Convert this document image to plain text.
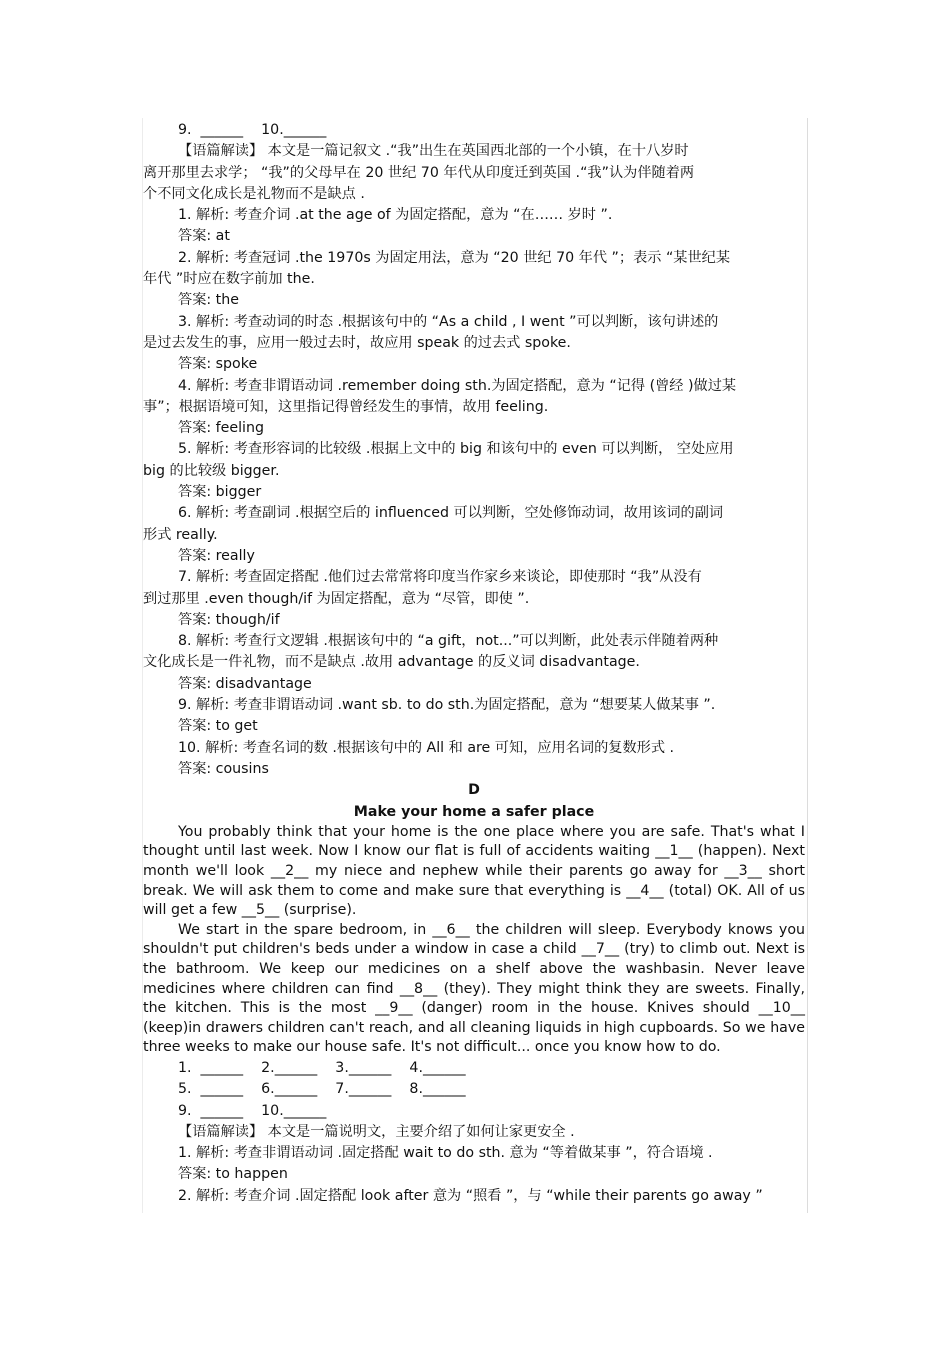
9.  ______    10.______
【语篇解读】 本文是一篇记叙文 .“我”出生在英国西北部的一个小镇，在十八岁时
离开那里去求学； “我”的父母早在 20 世纪 70 年代从印度迁到英国 .“我”认为伴随着两
个不同文化成长是礼物而不是缺点 .
1. 解析: 考查介词 .at the age of 为固定搭配，意为 “在…… 岁时 ”.
答案: at
2. 解析: 考查冠词 .the 1970s 为固定用法，意为 “20 世纪 70 年代 ”；表示 “某世纪某
年代 ”时应在数字前加 the.
答案: the
3. 解析: 考查动词的时态 .根据该句中的 “As a child , I went ”可以判断，该句讲述的
是过去发生的事，应用一般过去时，故应用 speak 的过去式 spoke.
答案: spoke
4. 解析: 考查非谓语动词 .remember doing sth.为固定搭配，意为 “记得 (曾经 )做过某
事”；根据语境可知，这里指记得曾经发生的事情，故用 feeling.
答案: feeling
5. 解析: 考查形容词的比较级 .根据上文中的 big 和该句中的 even 可以判断， 空处应用
big 的比较级 bigger.
答案: bigger
6. 解析: 考查副词 .根据空后的 influenced 可以判断，空处修饰动词，故用该词的副词
形式 really.
答案: really
7. 解析: 考查固定搭配 .他们过去常常将印度当作家乡来谈论，即使那时 “我”从没有
到过那里 .even though/if 为固定搭配，意为 “尽管，即使 ”.
答案: though/if
8. 解析: 考查行文逻辑 .根据该句中的 “a gift，not...”可以判断，此处表示伴随着两种
文化成长是一件礼物，而不是缺点 .故用 advantage 的反义词 disadvantage.
答案: disadvantage
9. 解析: 考查非谓语动词 .want sb. to do sth.为固定搭配，意为 “想要某人做某事 ”.
答案: to get
10. 解析: 考查名词的数 .根据该句中的 All 和 are 可知，应用名词的复数形式 .
答案: cousins
D
Make your home a safer place

You probably think that your home is the one place where you are safe. That's what I thought until last week. Now I know our flat is full of accidents waiting __1__ (happen). Next month we'll look __2__ my niece and nephew while their parents go away for __3__ short break. We will ask them to come and make sure that everything is __4__ (total) OK. All of us will get a few __5__ (surprise).

We start in the spare bedroom, in __6__ the children will sleep. Everybody knows you shouldn't put children's beds under a window in case a child __7__ (try) to climb out. Next is the bathroom. We keep our medicines on a shelf above the washbasin. Never leave medicines where children can find __8__ (they). They might think they are sweets. Finally, the kitchen. This is the most __9__ (danger) room in the house. Knives should __10__ (keep)in drawers children can't reach, and all cleaning liquids in high cupboards. So we have three weeks to make our house safe. It's not difficult... once you know how to do.

1.  ______    2.______    3.______    4.______
5.  ______    6.______    7.______    8.______
9.  ______    10.______
【语篇解读】 本文是一篇说明文，主要介绍了如何让家更安全 .
1. 解析: 考查非谓语动词 .固定搭配 wait to do sth. 意为 “等着做某事 ”，符合语境 .
答案: to happen
2. 解析: 考查介词 .固定搭配 look after 意为 “照看 ”，与 “while their parents go away ”
